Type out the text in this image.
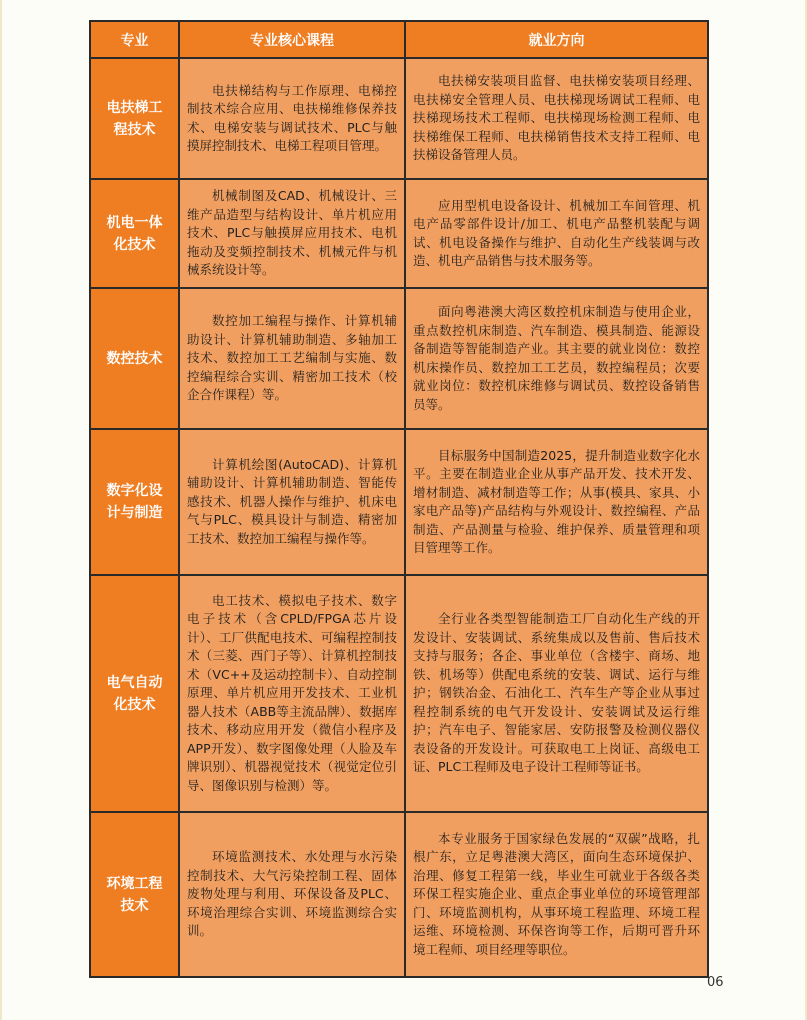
专业	专业核心课程	就业方向
电扶梯工程技术	电扶梯结构与工作原理、电梯控制技术综合应用、电扶梯维修保养技术、电梯安装与调试技术、PLC与触摸屏控制技术、电梯工程项目管理。	电扶梯安装项目监督、电扶梯安装项目经理、电扶梯安全管理人员、电扶梯现场调试工程师、电扶梯现场技术工程师、电扶梯现场检测工程师、电扶梯维保工程师、电扶梯销售技术支持工程师、电扶梯设备管理人员。

机电一体化技术	机械制图及CAD、机械设计、三维产品造型与结构设计、单片机应用技术、PLC与触摸屏应用技术、电机拖动及变频控制技术、机械元件与机械系统设计等。	应用型机电设备设计、机械加工车间管理、机电产品零部件设计/加工、机电产品整机装配与调试、机电设备操作与维护、自动化生产线装调与改造、机电产品销售与技术服务等。

数控技术	数控加工编程与操作、计算机辅助设计、计算机辅助制造、多轴加工技术、数控加工工艺编制与实施、数控编程综合实训、精密加工技术（校企合作课程）等。	面向粤港澳大湾区数控机床制造与使用企业，重点数控机床制造、汽车制造、模具制造、能源设备制造等智能制造产业。其主要的就业岗位：数控机床操作员、数控加工工艺员，数控编程员；次要就业岗位：数控机床维修与调试员、数控设备销售员等。

数字化设计与制造	计算机绘图(AutoCAD)、计算机辅助设计、计算机辅助制造、智能传感技术、机器人操作与维护、机床电气与PLC、模具设计与制造、精密加工技术、数控加工编程与操作等。	目标服务中国制造2025，提升制造业数字化水平。主要在制造业企业从事产品开发、技术开发、增材制造、减材制造等工作；从事(模具、家具、小家电产品等)产品结构与外观设计、数控编程、产品制造、产品测量与检验、维护保养、质量管理和项目管理等工作。

电气自动化技术	电工技术、模拟电子技术、数字电子技术（含CPLD/FPGA芯片设计）、工厂供配电技术、可编程控制技术（三菱、西门子等）、计算机控制技术（VC++及运动控制卡）、自动控制原理、单片机应用开发技术、工业机器人技术（ABB等主流品牌）、数据库技术、移动应用开发（微信小程序及APP开发）、数字图像处理（人脸及车牌识别）、机器视觉技术（视觉定位引导、图像识别与检测）等。	全行业各类型智能制造工厂自动化生产线的开发设计、安装调试、系统集成以及售前、售后技术支持与服务；各企、事业单位（含楼宇、商场、地铁、机场等）供配电系统的安装、调试、运行与维护；钢铁冶金、石油化工、汽车生产等企业从事过程控制系统的电气开发设计、安装调试及运行维护；汽车电子、智能家居、安防报警及检测仪器仪表设备的开发设计。可获取电工上岗证、高级电工证、PLC工程师及电子设计工程师等证书。

环境工程技术	环境监测技术、水处理与水污染控制技术、大气污染控制工程、固体废物处理与利用、环保设备及PLC、环境治理综合实训、环境监测综合实训。	本专业服务于国家绿色发展的“双碳”战略，扎根广东，立足粤港澳大湾区，面向生态环境保护、治理、修复工程第一线，毕业生可就业于各级各类环保工程实施企业、重点企事业单位的环境管理部门、环境监测机构，从事环境工程监理、环境工程运维、环境检测、环保咨询等工作，后期可晋升环境工程师、项目经理等职位。
06
